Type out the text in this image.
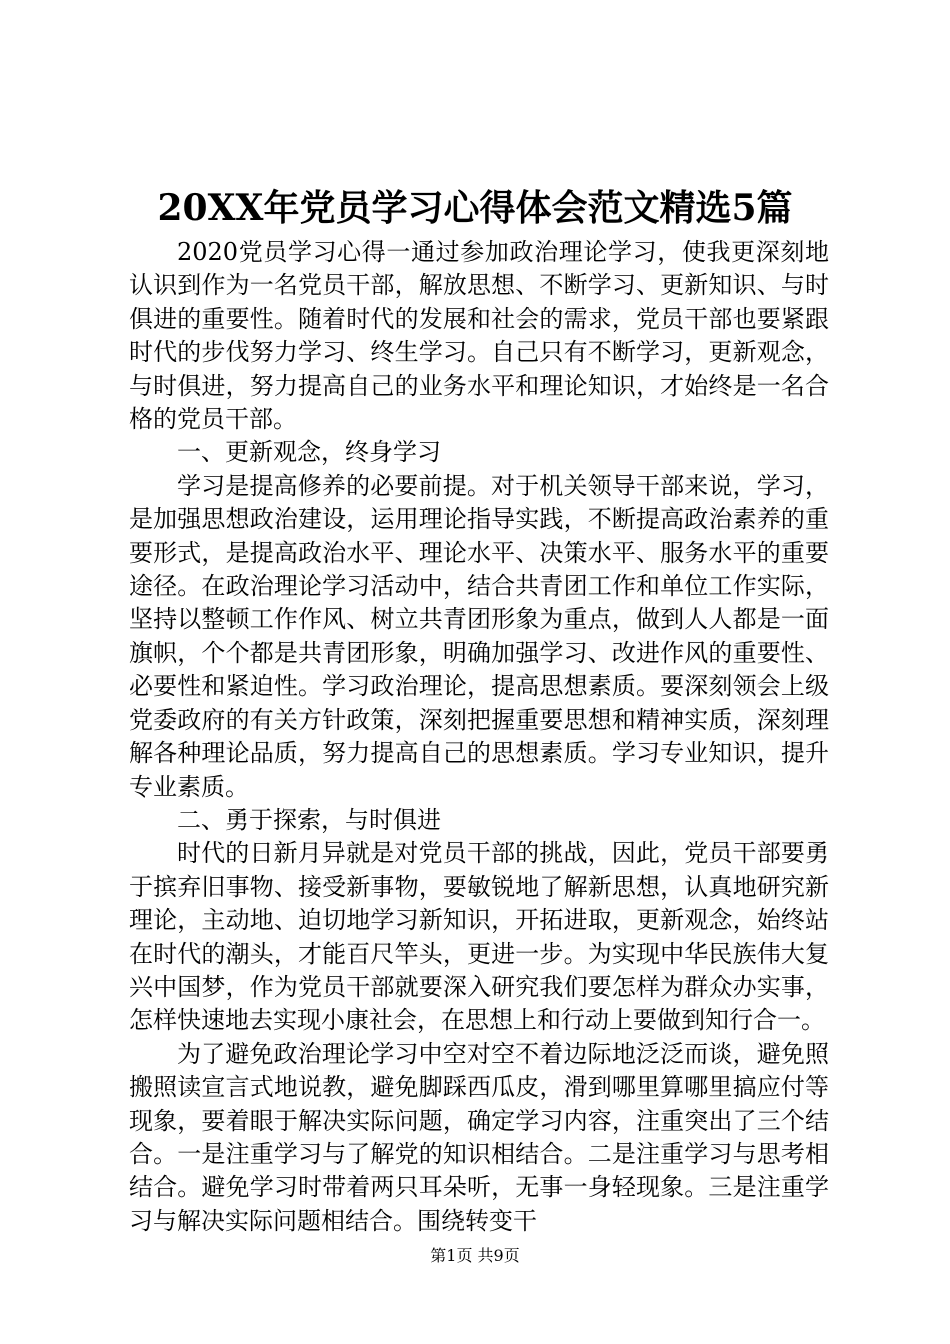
20XX年党员学习心得体会范文精选5篇

2020党员学习心得一通过参加政治理论学习，使我更深刻地认识到作为一名党员干部，解放思想、不断学习、更新知识、与时俱进的重要性。随着时代的发展和社会的需求，党员干部也要紧跟时代的步伐努力学习、终生学习。自己只有不断学习，更新观念，与时俱进，努力提高自己的业务水平和理论知识，才始终是一名合格的党员干部。

一、更新观念，终身学习

学习是提高修养的必要前提。对于机关领导干部来说，学习，是加强思想政治建设，运用理论指导实践，不断提高政治素养的重要形式，是提高政治水平、理论水平、决策水平、服务水平的重要途径。在政治理论学习活动中，结合共青团工作和单位工作实际，坚持以整顿工作作风、树立共青团形象为重点，做到人人都是一面旗帜，个个都是共青团形象，明确加强学习、改进作风的重要性、必要性和紧迫性。学习政治理论，提高思想素质。要深刻领会上级党委政府的有关方针政策，深刻把握重要思想和精神实质，深刻理解各种理论品质，努力提高自己的思想素质。学习专业知识，提升专业素质。

二、勇于探索，与时俱进

时代的日新月异就是对党员干部的挑战，因此，党员干部要勇于摈弃旧事物、接受新事物，要敏锐地了解新思想，认真地研究新理论，主动地、迫切地学习新知识，开拓进取，更新观念，始终站在时代的潮头，才能百尺竿头，更进一步。为实现中华民族伟大复兴中国梦，作为党员干部就要深入研究我们要怎样为群众办实事，怎样快速地去实现小康社会，在思想上和行动上要做到知行合一。

为了避免政治理论学习中空对空不着边际地泛泛而谈，避免照搬照读宣言式地说教，避免脚踩西瓜皮，滑到哪里算哪里搞应付等现象，要着眼于解决实际问题，确定学习内容，注重突出了三个结合。一是注重学习与了解党的知识相结合。二是注重学习与思考相结合。避免学习时带着两只耳朵听，无事一身轻现象。三是注重学习与解决实际问题相结合。围绕转变干

第1页 共9页
